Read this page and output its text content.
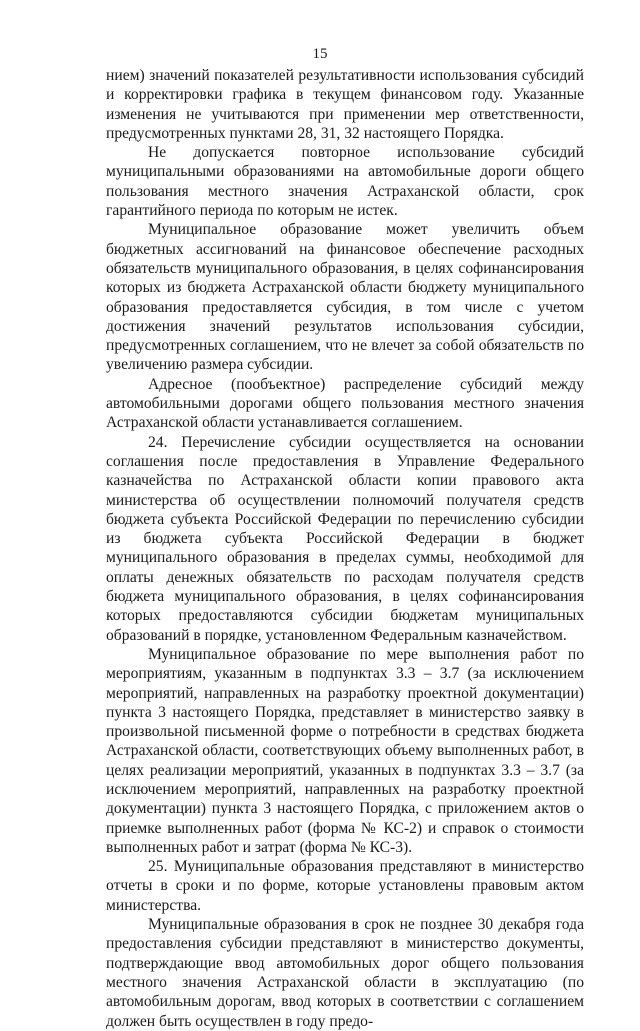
15

нием) значений показателей результативности использования субсидий и корректировки графика в текущем финансовом году. Указанные изменения не учитываются при применении мер ответственности, предусмотренных пунктами 28, 31, 32 настоящего Порядка.

Не допускается повторное использование субсидий муниципальными образованиями на автомобильные дороги общего пользования местного значения Астраханской области, срок гарантийного периода по которым не истек.

Муниципальное образование может увеличить объем бюджетных ассигнований на финансовое обеспечение расходных обязательств муниципального образования, в целях софинансирования которых из бюджета Астраханской области бюджету муниципального образования предоставляется субсидия, в том числе с учетом достижения значений результатов использования субсидии, предусмотренных соглашением, что не влечет за собой обязательств по увеличению размера субсидии.

Адресное (пообъектное) распределение субсидий между автомобильными дорогами общего пользования местного значения Астраханской области устанавливается соглашением.

24. Перечисление субсидии осуществляется на основании соглашения после предоставления в Управление Федерального казначейства по Астраханской области копии правового акта министерства об осуществлении полномочий получателя средств бюджета субъекта Российской Федерации по перечислению субсидии из бюджета субъекта Российской Федерации в бюджет муниципального образования в пределах суммы, необходимой для оплаты денежных обязательств по расходам получателя средств бюджета муниципального образования, в целях софинансирования которых предоставляются субсидии бюджетам муниципальных образований в порядке, установленном Федеральным казначейством.

Муниципальное образование по мере выполнения работ по мероприятиям, указанным в подпунктах 3.3 – 3.7 (за исключением мероприятий, направленных на разработку проектной документации) пункта 3 настоящего Порядка, представляет в министерство заявку в произвольной письменной форме о потребности в средствах бюджета Астраханской области, соответствующих объему выполненных работ, в целях реализации мероприятий, указанных в подпунктах 3.3 – 3.7 (за исключением мероприятий, направленных на разработку проектной документации) пункта 3 настоящего Порядка, с приложением актов о приемке выполненных работ (форма № КС-2) и справок о стоимости выполненных работ и затрат (форма № КС-3).

25. Муниципальные образования представляют в министерство отчеты в сроки и по форме, которые установлены правовым актом министерства.

Муниципальные образования в срок не позднее 30 декабря года предоставления субсидии представляют в министерство документы, подтверждающие ввод автомобильных дорог общего пользования местного значения Астраханской области в эксплуатацию (по автомобильным дорогам, ввод которых в соответствии с соглашением должен быть осуществлен в году предо-
